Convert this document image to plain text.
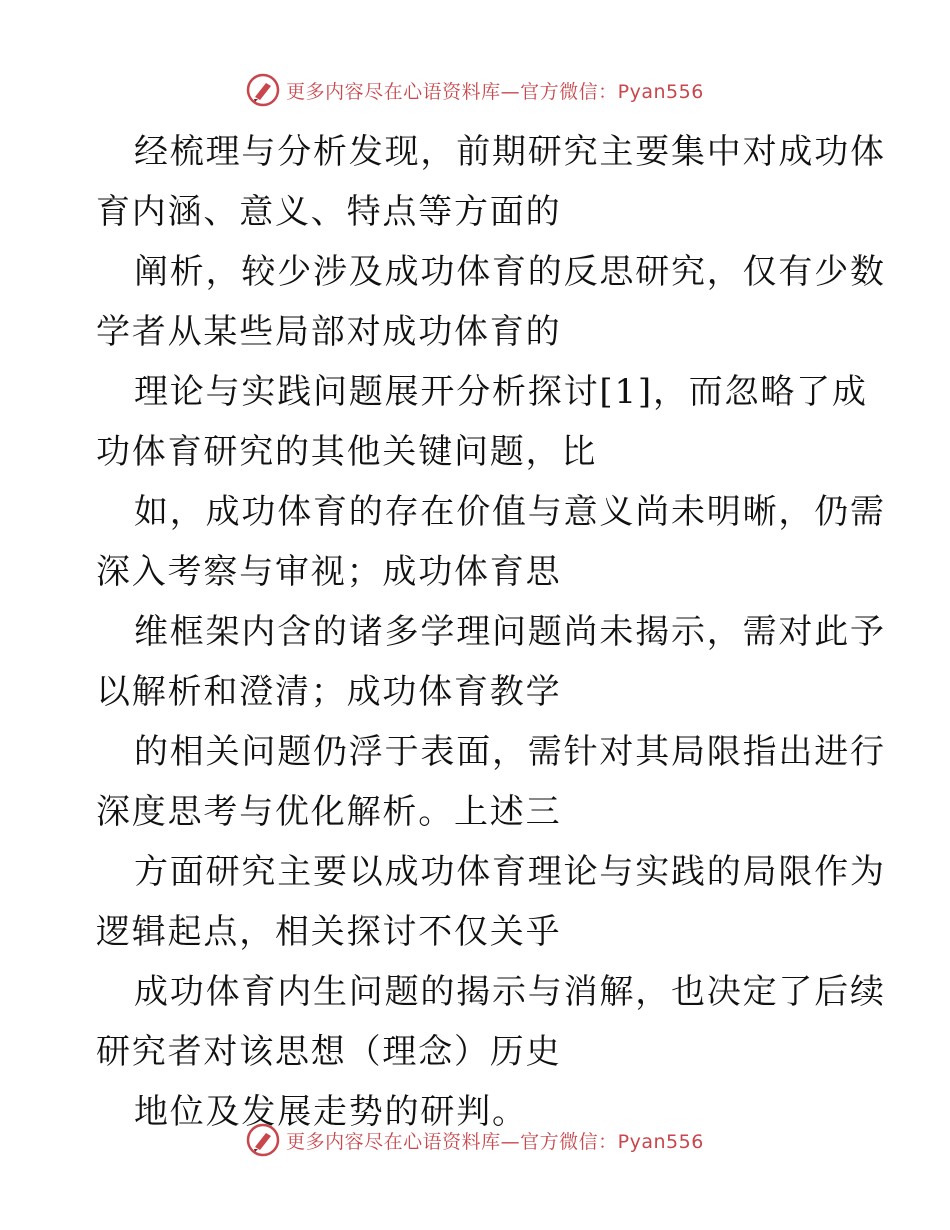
更多内容尽在心语资料库—官方微信：Pyan556

经梳理与分析发现，前期研究主要集中对成功体
育内涵、意义、特点等方面的
阐析，较少涉及成功体育的反思研究，仅有少数
学者从某些局部对成功体育的
理论与实践问题展开分析探讨[1]，而忽略了成
功体育研究的其他关键问题，比
如，成功体育的存在价值与意义尚未明晰，仍需
深入考察与审视；成功体育思
维框架内含的诸多学理问题尚未揭示，需对此予
以解析和澄清；成功体育教学
的相关问题仍浮于表面，需针对其局限指出进行
深度思考与优化解析。上述三
方面研究主要以成功体育理论与实践的局限作为
逻辑起点，相关探讨不仅关乎
成功体育内生问题的揭示与消解，也决定了后续
研究者对该思想（理念）历史
地位及发展走势的研判。

更多内容尽在心语资料库—官方微信：Pyan556
